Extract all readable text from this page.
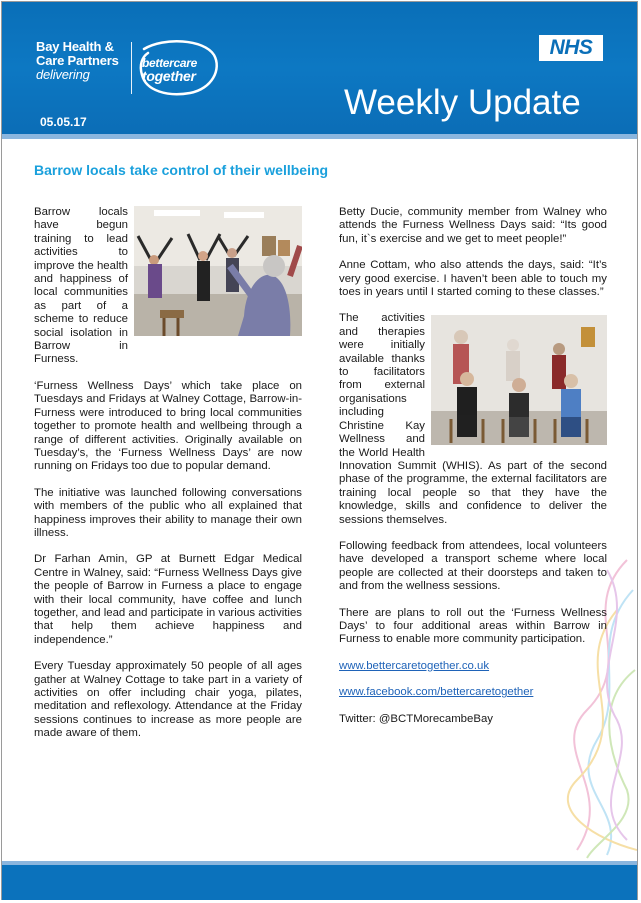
Bay Health &
Care Partners
delivering
bettercare
together
05.05.17
NHS
Weekly Update
Barrow locals take control of their wellbeing

Barrow locals have begun training to lead activities to improve the health and happiness of local communities as part of a scheme to reduce social isolation in Barrow in Furness.

‘Furness Wellness Days’ which take place on Tuesdays and Fridays at Walney Cottage, Barrow-in-Furness were introduced to bring local communities together to promote health and wellbeing through a range of different activities. Originally available on Tuesday’s, the ‘Furness Wellness Days’ are now running on Fridays too due to popular demand.

The initiative was launched following conversations with members of the public who all explained that happiness improves their ability to manage their own illness.

Dr Farhan Amin, GP at Burnett Edgar Medical Centre in Walney, said: “Furness Wellness Days give the people of Barrow in Furness a place to engage with their local community, have coffee and lunch together, and lead and participate in various activities that help them achieve happiness and independence.”

Every Tuesday approximately 50 people of all ages gather at Walney Cottage to take part in a variety of activities on offer including chair yoga, pilates, meditation and reflexology. Attendance at the Friday sessions continues to increase as more people are made aware of them.

Betty Ducie, community member from Walney who attends the Furness Wellness Days said: “Its good fun, it`s exercise and we get to meet people!”

Anne Cottam, who also attends the days, said: “It’s very good exercise. I haven’t been able to touch my toes in years until I started coming to these classes.”

The activities and therapies were initially available thanks to facilitators from external organisations including Christine Kay Wellness and the World Health Innovation Summit (WHIS). As part of the second phase of the programme, the external facilitators are training local people so that they have the knowledge, skills and confidence to deliver the sessions themselves.

Following feedback from attendees, local volunteers have developed a transport scheme where local people are collected at their doorsteps and taken to and from the wellness sessions.

There are plans to roll out the ‘Furness Wellness Days’ to four additional areas within Barrow in Furness to enable more community participation.

www.bettercaretogether.co.uk

www.facebook.com/bettercaretogether

Twitter: @BCTMorecambeBay
